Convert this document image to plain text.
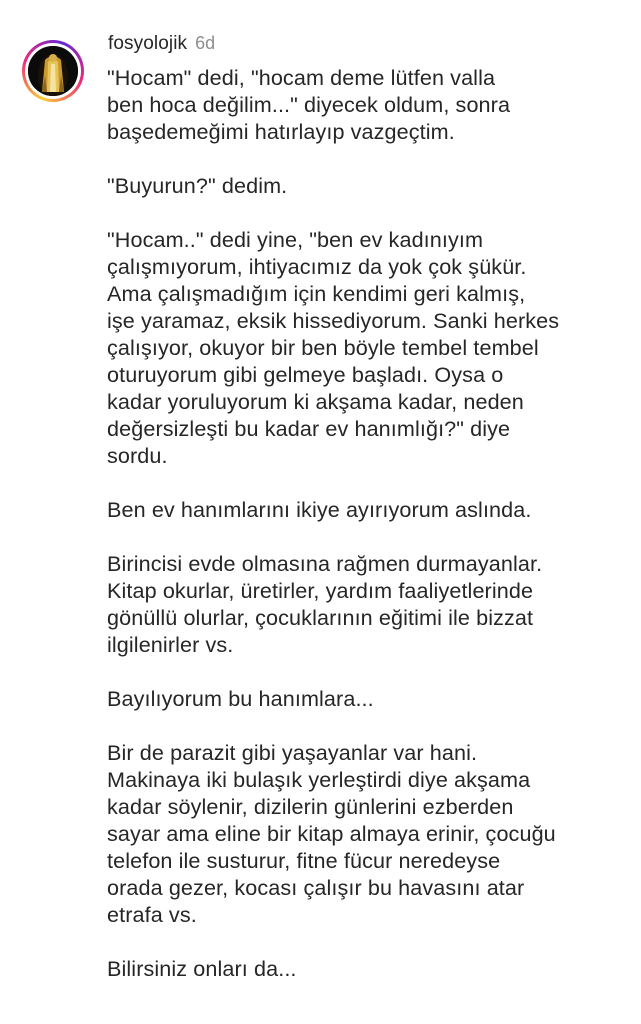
fosyolojik 6d

"Hocam" dedi, "hocam deme lütfen valla
ben hoca değilim..." diyecek oldum, sonra
başedemeğimi hatırlayıp vazgeçtim.

"Buyurun?" dedim.

"Hocam.." dedi yine, "ben ev kadınıyım
çalışmıyorum, ihtiyacımız da yok çok şükür.
Ama çalışmadığım için kendimi geri kalmış,
işe yaramaz, eksik hissediyorum. Sanki herkes
çalışıyor, okuyor bir ben böyle tembel tembel
oturuyorum gibi gelmeye başladı. Oysa o
kadar yoruluyorum ki akşama kadar, neden
değersizleşti bu kadar ev hanımlığı?" diye
sordu.

Ben ev hanımlarını ikiye ayırıyorum aslında.

Birincisi evde olmasına rağmen durmayanlar.
Kitap okurlar, üretirler, yardım faaliyetlerinde
gönüllü olurlar, çocuklarının eğitimi ile bizzat
ilgilenirler vs.

Bayılıyorum bu hanımlara...

Bir de parazit gibi yaşayanlar var hani.
Makinaya iki bulaşık yerleştirdi diye akşama
kadar söylenir, dizilerin günlerini ezberden
sayar ama eline bir kitap almaya erinir, çocuğu
telefon ile susturur, fitne fücur neredeyse
orada gezer, kocası çalışır bu havasını atar
etrafa vs.

Bilirsiniz onları da...
